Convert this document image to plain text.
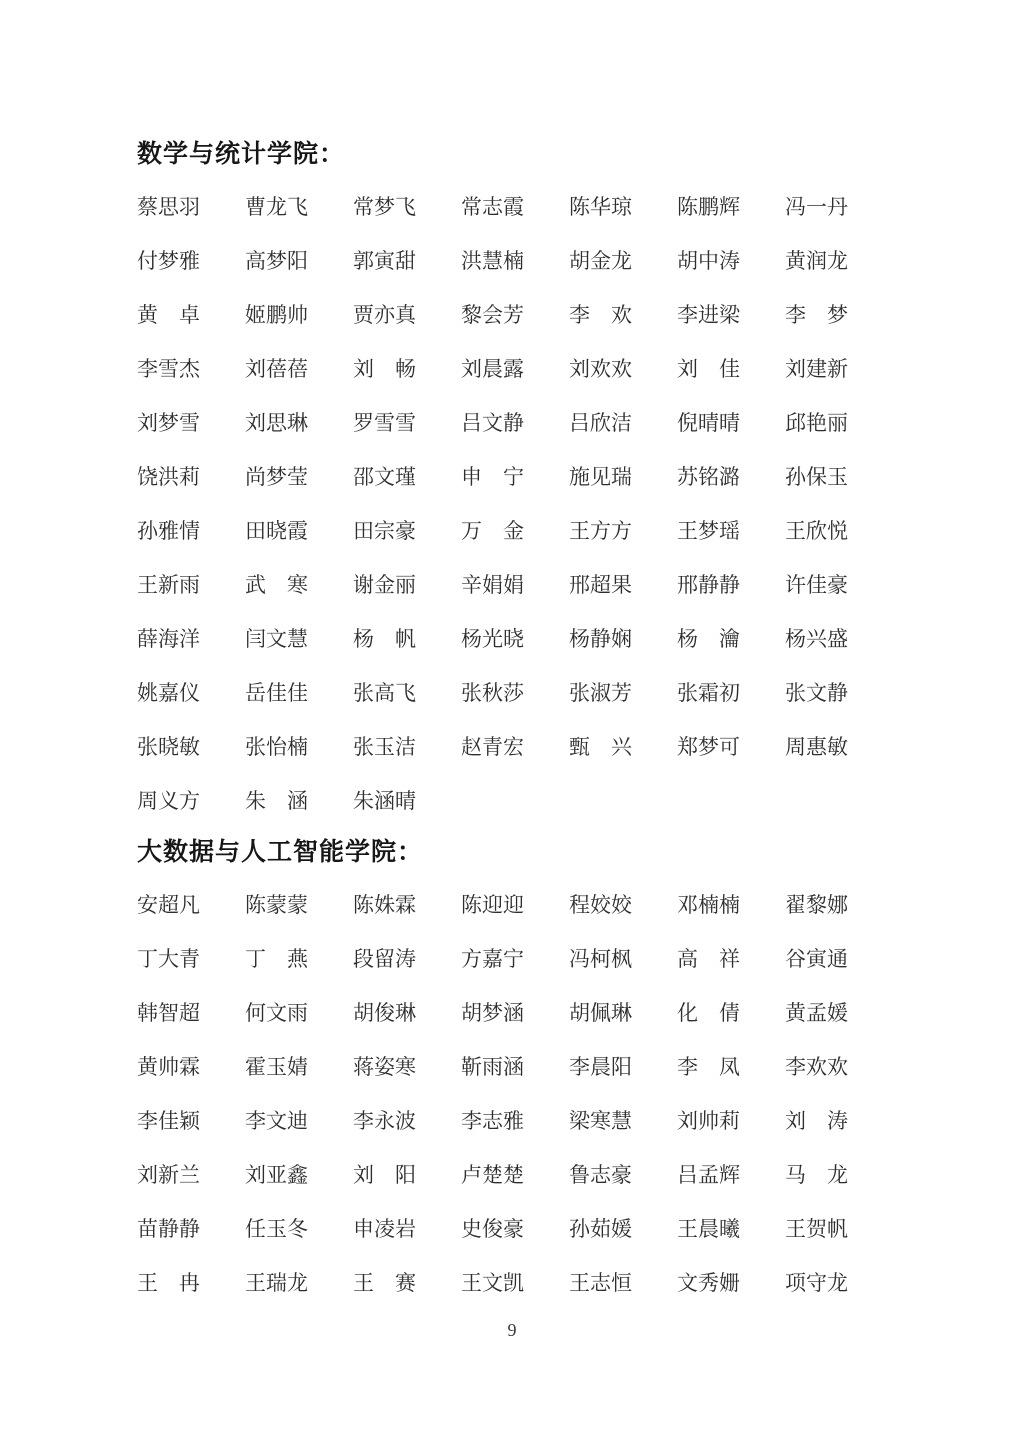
数学与统计学院：
蔡思羽 曹龙飞 常梦飞 常志霞 陈华琼 陈鹏辉 冯一丹
付梦雅 高梦阳 郭寅甜 洪慧楠 胡金龙 胡中涛 黄润龙
黄　卓 姬鹏帅 贾亦真 黎会芳 李　欢 李进梁 李　梦
李雪杰 刘蓓蓓 刘　畅 刘晨露 刘欢欢 刘　佳 刘建新
刘梦雪 刘思琳 罗雪雪 吕文静 吕欣洁 倪晴晴 邱艳丽
饶洪莉 尚梦莹 邵文瑾 申　宁 施见瑞 苏铭潞 孙保玉
孙雅情 田晓霞 田宗豪 万　金 王方方 王梦瑶 王欣悦
王新雨 武　寒 谢金丽 辛娟娟 邢超果 邢静静 许佳豪
薛海洋 闫文慧 杨　帆 杨光晓 杨静娴 杨　瀹 杨兴盛
姚嘉仪 岳佳佳 张高飞 张秋莎 张淑芳 张霜初 张文静
张晓敏 张怡楠 张玉洁 赵青宏 甄　兴 郑梦可 周惠敏
周义方 朱　涵 朱涵晴
大数据与人工智能学院：
安超凡 陈蒙蒙 陈姝霖 陈迎迎 程姣姣 邓楠楠 翟黎娜
丁大青 丁　燕 段留涛 方嘉宁 冯柯枫 高　祥 谷寅通
韩智超 何文雨 胡俊琳 胡梦涵 胡佩琳 化　倩 黄孟媛
黄帅霖 霍玉婧 蒋姿寒 靳雨涵 李晨阳 李　凤 李欢欢
李佳颖 李文迪 李永波 李志雅 梁寒慧 刘帅莉 刘　涛
刘新兰 刘亚鑫 刘　阳 卢楚楚 鲁志豪 吕孟辉 马　龙
苗静静 任玉冬 申凌岩 史俊豪 孙茹媛 王晨曦 王贺帆
王　冉 王瑞龙 王　赛 王文凯 王志恒 文秀姗 项守龙
9
